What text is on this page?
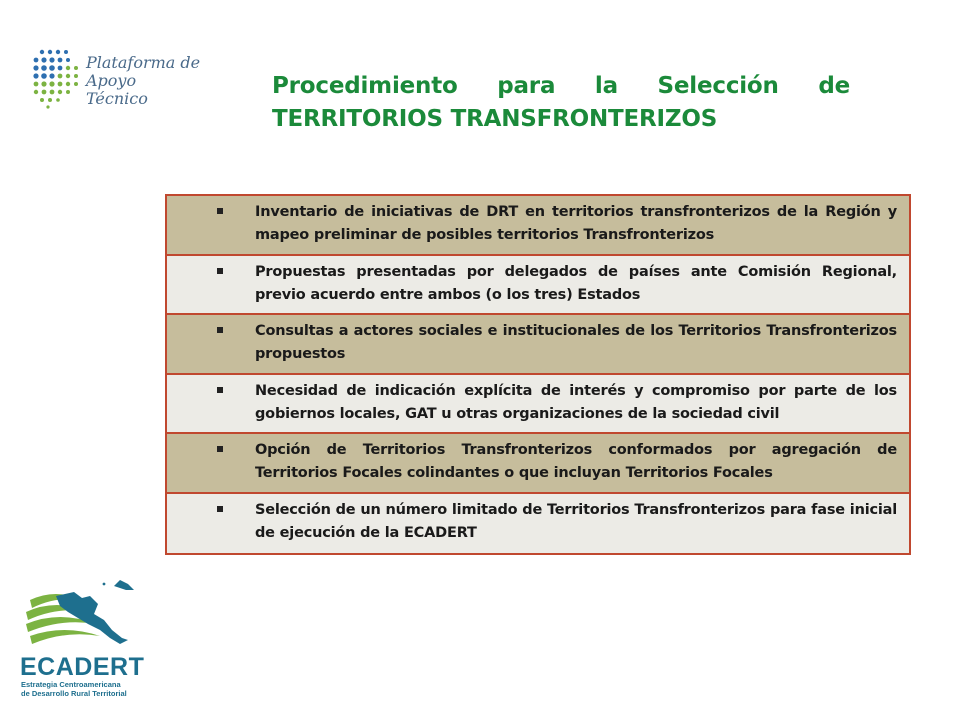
Plataforma de
Apoyo Técnico	Procedimiento para la Selección de
TERRITORIOS TRANSFRONTERIZOS
Inventario de iniciativas de DRT en territorios transfronterizos de la Región y mapeo preliminar de posibles territorios Transfronterizos
Propuestas presentadas por delegados de países ante Comisión Regional, previo acuerdo entre ambos (o los tres) Estados
Consultas a actores sociales e institucionales de los Territorios Transfronterizos propuestos
Necesidad de indicación explícita de interés y compromiso por parte de los gobiernos locales, GAT u otras organizaciones de la sociedad civil
Opción de Territorios Transfronterizos conformados por agregación de Territorios Focales colindantes o que incluyan Territorios Focales
Selección de un número limitado de Territorios Transfronterizos para fase inicial de ejecución de la ECADERT
ECADERT
Estrategia Centroamericana
de Desarrollo Rural Territorial
